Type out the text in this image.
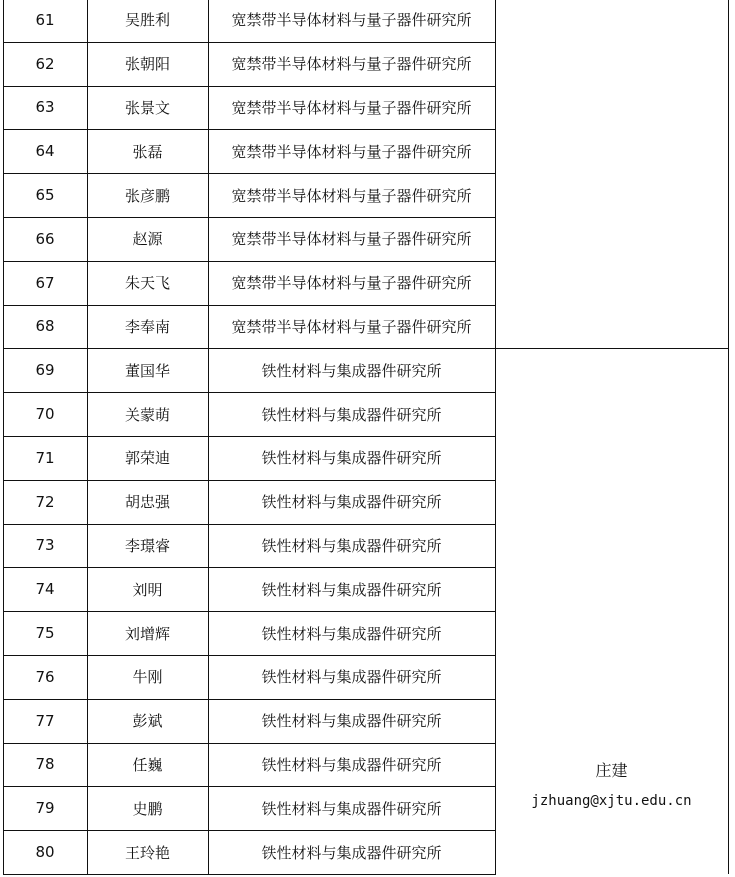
61	吴胜利	宽禁带半导体材料与量子器件研究所
62	张朝阳	宽禁带半导体材料与量子器件研究所
63	张景文	宽禁带半导体材料与量子器件研究所
64	张磊	宽禁带半导体材料与量子器件研究所
65	张彦鹏	宽禁带半导体材料与量子器件研究所
66	赵源	宽禁带半导体材料与量子器件研究所
67	朱天飞	宽禁带半导体材料与量子器件研究所
68	李奉南	宽禁带半导体材料与量子器件研究所
69	董国华	铁性材料与集成器件研究所
70	关蒙萌	铁性材料与集成器件研究所
71	郭荣迪	铁性材料与集成器件研究所
72	胡忠强	铁性材料与集成器件研究所
73	李璟睿	铁性材料与集成器件研究所
74	刘明	铁性材料与集成器件研究所
75	刘增辉	铁性材料与集成器件研究所
76	牛刚	铁性材料与集成器件研究所
77	彭斌	铁性材料与集成器件研究所
78	任巍	铁性材料与集成器件研究所
79	史鹏	铁性材料与集成器件研究所
80	王玲艳	铁性材料与集成器件研究所
庄建
jzhuang@xjtu.edu.cn
